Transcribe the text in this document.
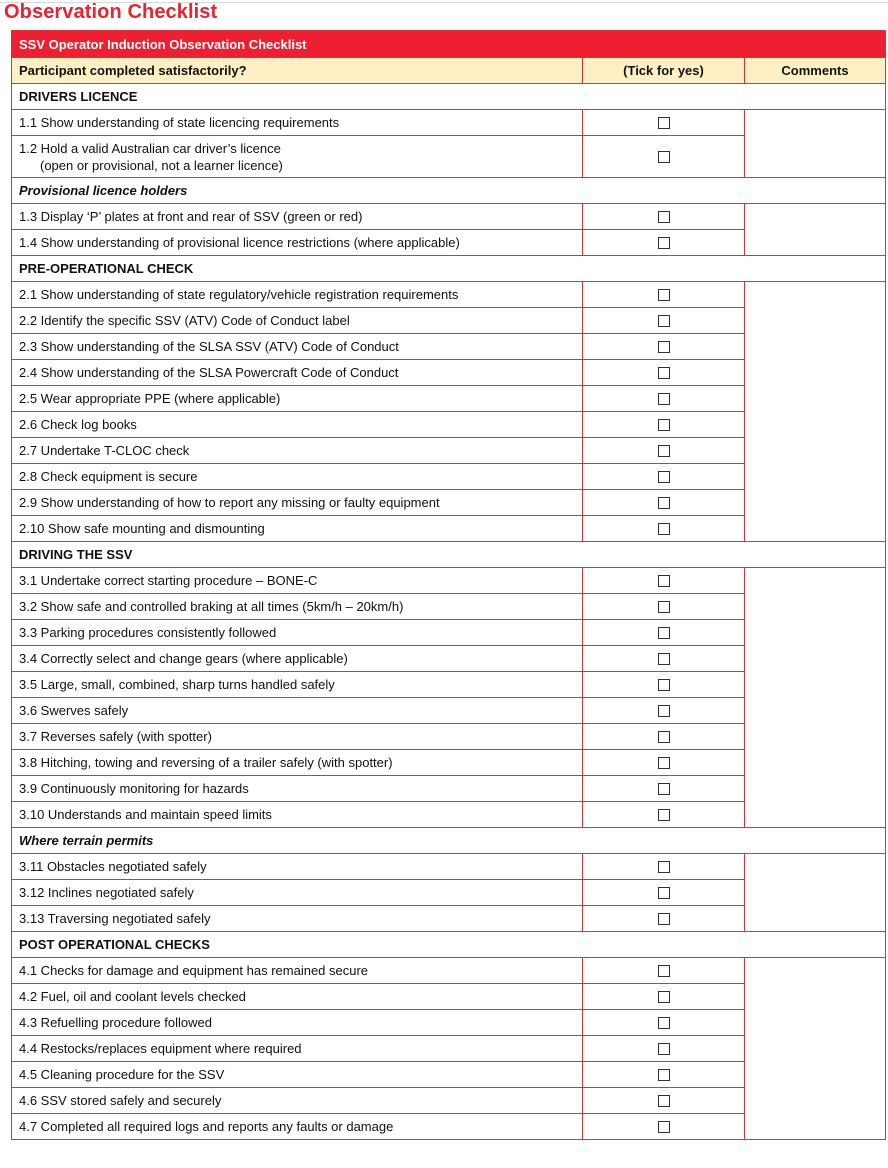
Observation Checklist
SSV Operator Induction Observation Checklist		
Participant completed satisfactorily?	(Tick for yes)	Comments
DRIVERS LICENCE		
1.1 Show understanding of state licencing requirements		
1.2 Hold a valid Australian car driver’s licence
(open or provisional, not a learner licence)		

Provisional licence holders		
1.3 Display ‘P’ plates at front and rear of SSV (green or red)		
1.4 Show understanding of provisional licence restrictions (where applicable)		
PRE-OPERATIONAL CHECK		
2.1 Show understanding of state regulatory/vehicle registration requirements		
2.2 Identify the specific SSV (ATV) Code of Conduct label		
2.3 Show understanding of the SLSA SSV (ATV) Code of Conduct		
2.4 Show understanding of the SLSA Powercraft Code of Conduct		
2.5 Wear appropriate PPE (where applicable)		
2.6 Check log books		
2.7 Undertake T-CLOC check		
2.8 Check equipment is secure		
2.9 Show understanding of how to report any missing or faulty equipment		
2.10 Show safe mounting and dismounting		
DRIVING THE SSV		
3.1 Undertake correct starting procedure – BONE-C		
3.2 Show safe and controlled braking at all times (5km/h – 20km/h)		
3.3 Parking procedures consistently followed		
3.4 Correctly select and change gears (where applicable)		
3.5 Large, small, combined, sharp turns handled safely		
3.6 Swerves safely		
3.7 Reverses safely (with spotter)		
3.8 Hitching, towing and reversing of a trailer safely (with spotter)		
3.9 Continuously monitoring for hazards		
3.10 Understands and maintain speed limits		
Where terrain permits		
3.11 Obstacles negotiated safely		
3.12 Inclines negotiated safely		
3.13 Traversing negotiated safely		
POST OPERATIONAL CHECKS		
4.1 Checks for damage and equipment has remained secure		
4.2 Fuel, oil and coolant levels checked		
4.3 Refuelling procedure followed		
4.4 Restocks/replaces equipment where required		
4.5 Cleaning procedure for the SSV		
4.6 SSV stored safely and securely		
4.7 Completed all required logs and reports any faults or damage		
